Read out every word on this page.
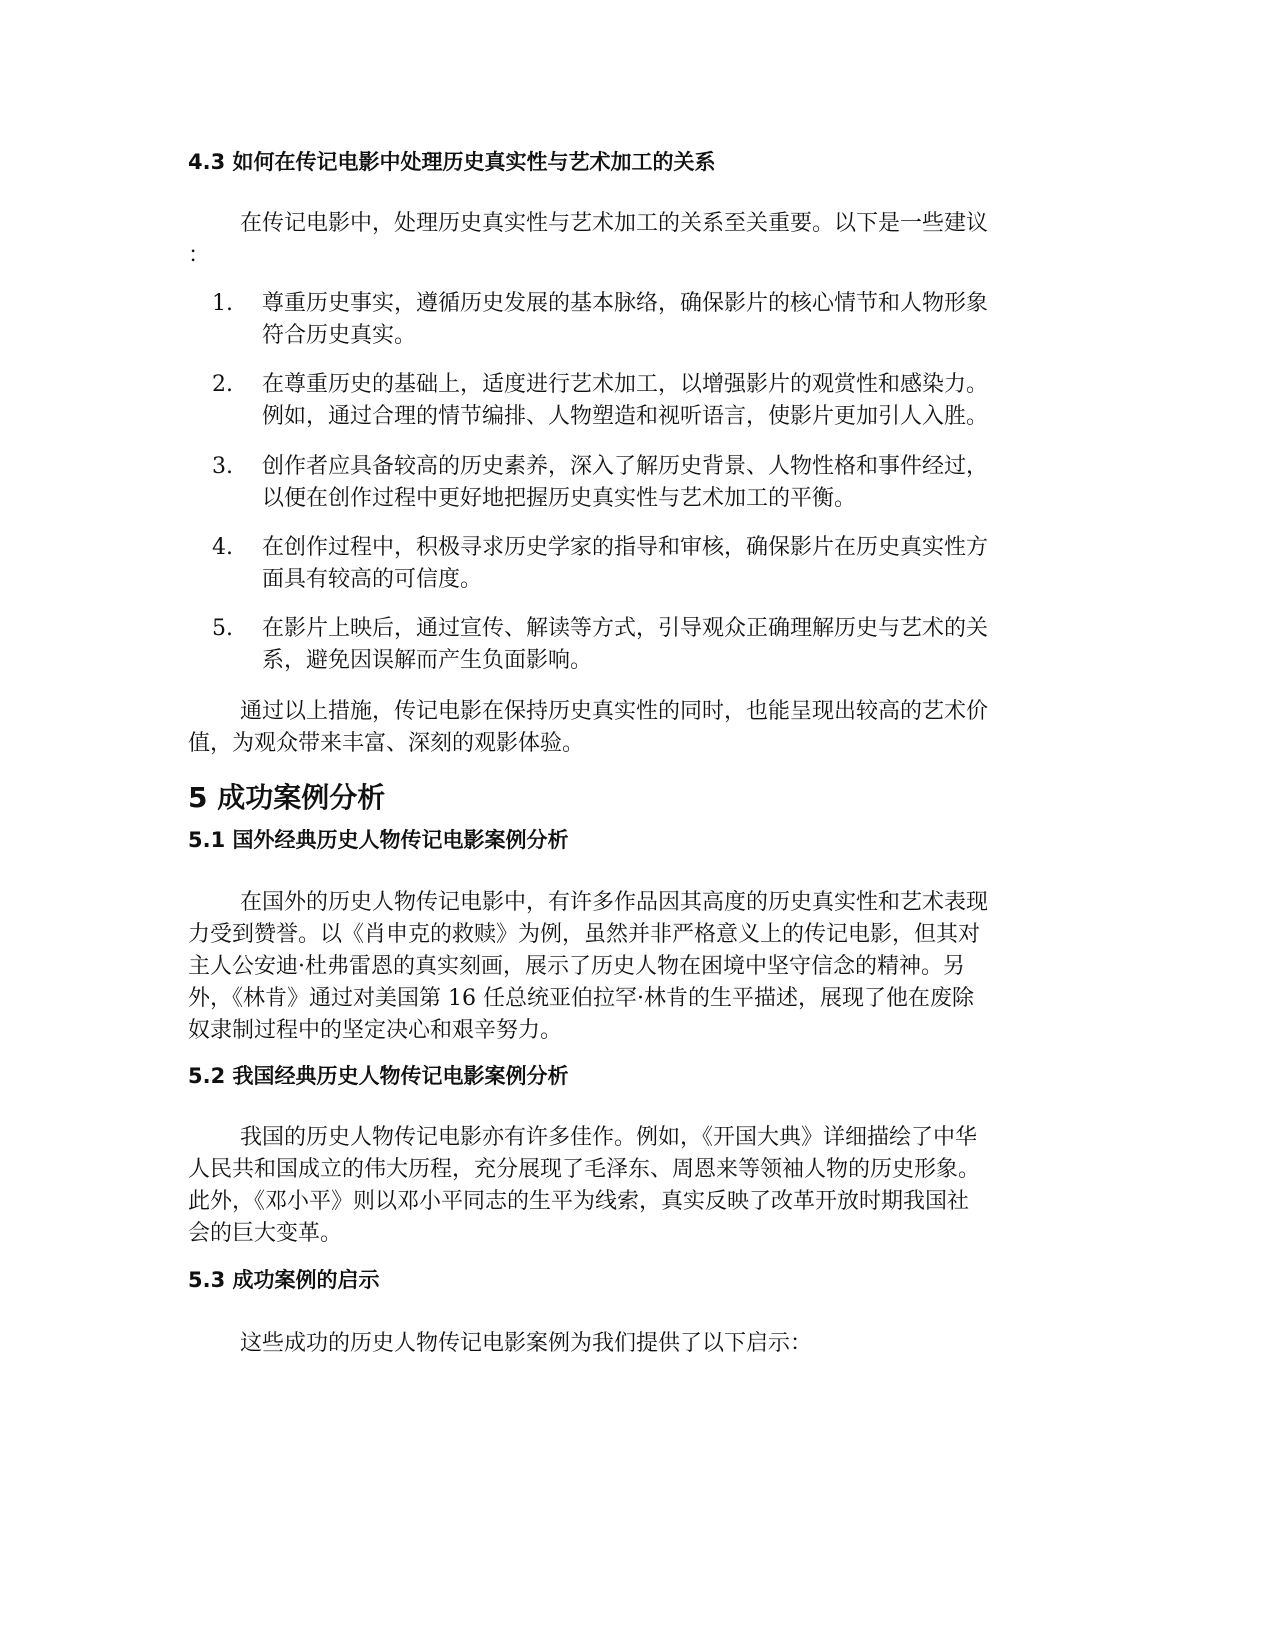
4.3 如何在传记电影中处理历史真实性与艺术加工的关系
在传记电影中，处理历史真实性与艺术加工的关系至关重要。以下是一些建议
：
1.	尊重历史事实，遵循历史发展的基本脉络，确保影片的核心情节和人物形象
符合历史真实。
2.	在尊重历史的基础上，适度进行艺术加工，以增强影片的观赏性和感染力。
例如，通过合理的情节编排、人物塑造和视听语言，使影片更加引人入胜。
3.	创作者应具备较高的历史素养，深入了解历史背景、人物性格和事件经过，
以便在创作过程中更好地把握历史真实性与艺术加工的平衡。
4.	在创作过程中，积极寻求历史学家的指导和审核，确保影片在历史真实性方
面具有较高的可信度。
5.	在影片上映后，通过宣传、解读等方式，引导观众正确理解历史与艺术的关
系，避免因误解而产生负面影响。
通过以上措施，传记电影在保持历史真实性的同时，也能呈现出较高的艺术价
值，为观众带来丰富、深刻的观影体验。
5 成功案例分析
5.1 国外经典历史人物传记电影案例分析
在国外的历史人物传记电影中，有许多作品因其高度的历史真实性和艺术表现
力受到赞誉。以《肖申克的救赎》为例，虽然并非严格意义上的传记电影，但其对
主人公安迪·杜弗雷恩的真实刻画，展示了历史人物在困境中坚守信念的精神。另
外，《林肯》通过对美国第 16 任总统亚伯拉罕·林肯的生平描述，展现了他在废除
奴隶制过程中的坚定决心和艰辛努力。
5.2 我国经典历史人物传记电影案例分析
我国的历史人物传记电影亦有许多佳作。例如，《开国大典》详细描绘了中华
人民共和国成立的伟大历程，充分展现了毛泽东、周恩来等领袖人物的历史形象。
此外，《邓小平》则以邓小平同志的生平为线索，真实反映了改革开放时期我国社
会的巨大变革。
5.3 成功案例的启示
这些成功的历史人物传记电影案例为我们提供了以下启示：
